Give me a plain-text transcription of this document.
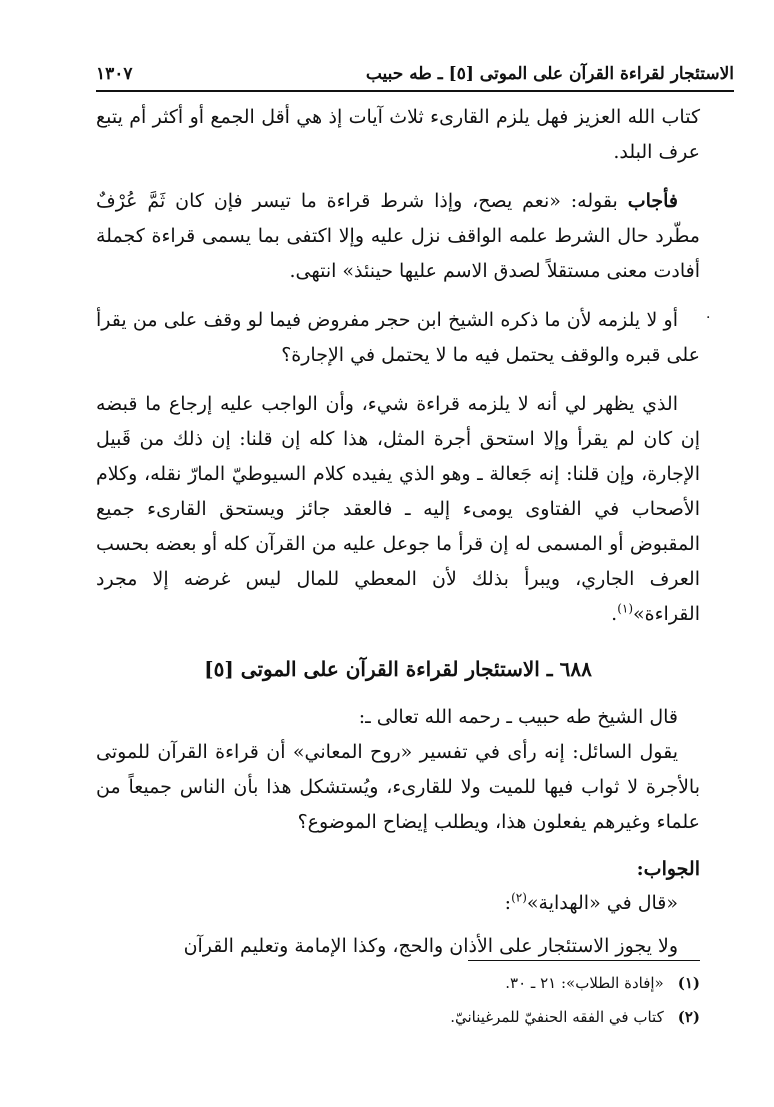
الاستئجار لقراءة القرآن على الموتى [٥] ـ طه حبيب
١٣٠٧
·

كتاب الله العزيز فهل يلزم القارىء ثلاث آيات إذ هي أقل الجمع أو أكثر أم يتبع عرف البلد.

فأجاب بقوله: «نعم يصح، وإذا شرط قراءة ما تيسر فإن كان ثَمَّ عُرْفٌ مطّرد حال الشرط علمه الواقف نزل عليه وإلا اكتفى بما يسمى قراءة كجملة أفادت معنى مستقلاً لصدق الاسم عليها حينئذ» انتهى.

أو لا يلزمه لأن ما ذكره الشيخ ابن حجر مفروض فيما لو وقف على من يقرأ على قبره والوقف يحتمل فيه ما لا يحتمل في الإجارة؟

الذي يظهر لي أنه لا يلزمه قراءة شيء، وأن الواجب عليه إرجاع ما قبضه إن كان لم يقرأ وإلا استحق أجرة المثل، هذا كله إن قلنا: إن ذلك من قَبيل الإجارة، وإن قلنا: إنه جَعالة ـ وهو الذي يفيده كلام السيوطيّ المارّ نقله، وكلام الأصحاب في الفتاوى يومىء إليه ـ فالعقد جائز ويستحق القارىء جميع المقبوض أو المسمى له إن قرأ ما جوعل عليه من القرآن كله أو بعضه بحسب العرف الجاري، ويبرأ بذلك لأن المعطي للمال ليس غرضه إلا مجرد القراءة»$^{(١)}$.

٦٨٨ ـ الاستئجار لقراءة القرآن على الموتى [٥]

قال الشيخ طه حبيب ـ رحمه الله تعالى ـ:

يقول السائل: إنه رأى في تفسير «روح المعاني» أن قراءة القرآن للموتى بالأجرة لا ثواب فيها للميت ولا للقارىء، ويُستشكل هذا بأن الناس جميعاً من علماء وغيرهم يفعلون هذا، ويطلب إيضاح الموضوع؟

الجواب:

«قال في «الهداية»$^{(٢)}$:

ولا يجوز الاستئجار على الأذان والحج، وكذا الإمامة وتعليم القرآن

(١)«إفادة الطلاب»: ٢١ ـ ٣٠.
(٢)كتاب في الفقه الحنفيّ للمرغينانيّ.
